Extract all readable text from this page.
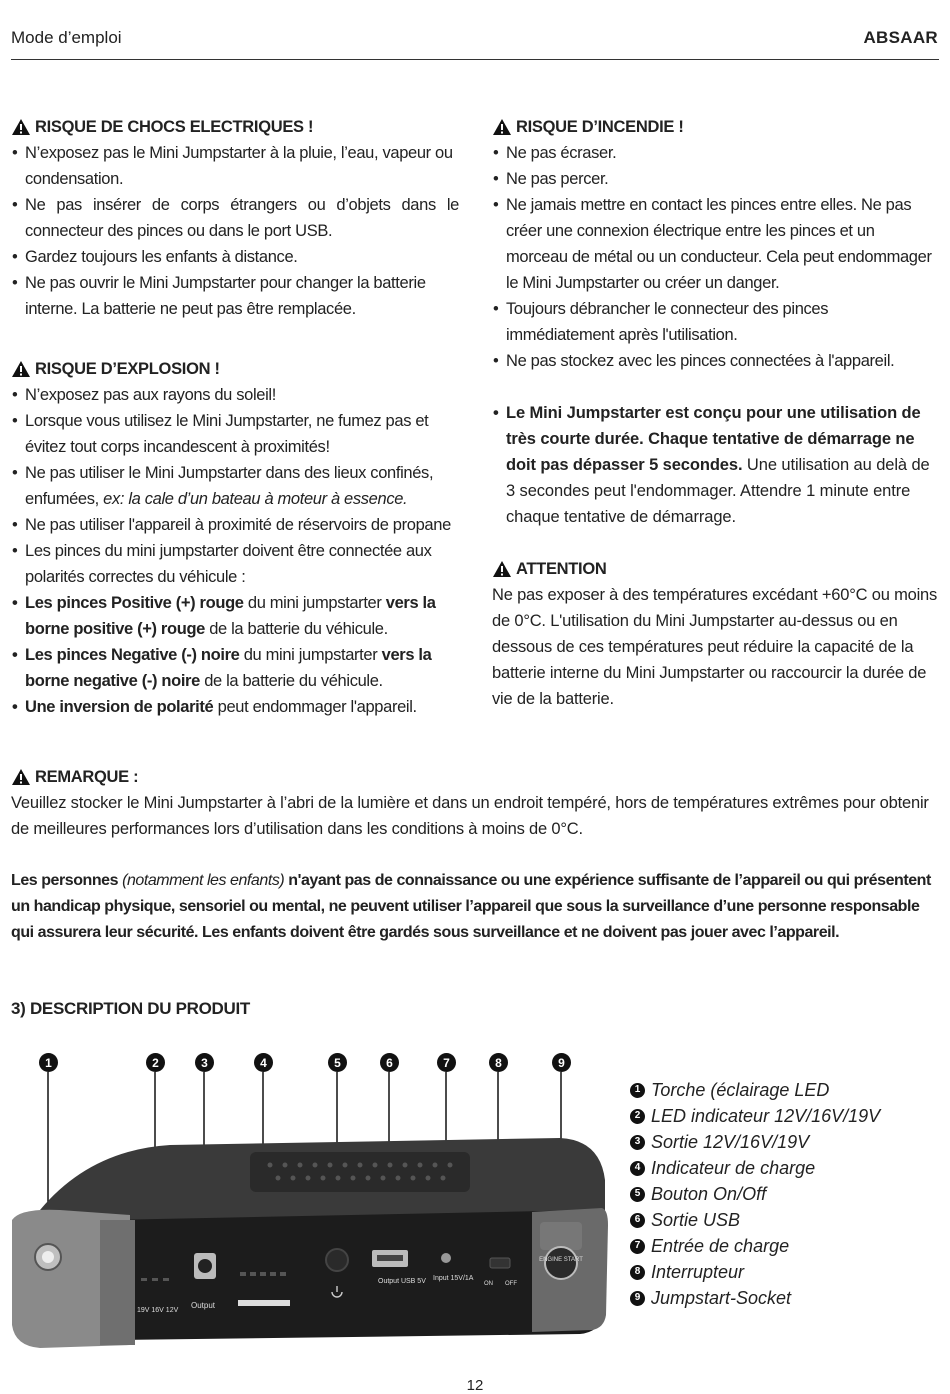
Mode d’emploi	ABSAAR
RISQUE DE CHOCS ELECTRIQUES !
• N’exposez pas le Mini Jumpstarter à la pluie, l’eau, vapeur ou condensation.
• Ne pas insérer de corps étrangers ou d’objets dans le connecteur des pinces ou dans le port USB.
• Gardez toujours les enfants à distance.
• Ne pas ouvrir le Mini Jumpstarter pour changer la batterie interne. La batterie ne peut pas être remplacée.
RISQUE D’EXPLOSION !
• N’exposez pas aux rayons du soleil!
• Lorsque vous utilisez le Mini Jumpstarter, ne fumez pas et évitez tout corps incandescent à proximités!
• Ne pas utiliser le Mini Jumpstarter dans des lieux confinés, enfumées, ex: la cale d’un bateau à moteur à essence.
• Ne pas utiliser l'appareil à proximité de réservoirs de propane
• Les pinces du mini jumpstarter doivent être connectée aux polarités correctes du véhicule :
• Les pinces Positive (+) rouge du mini jumpstarter vers la borne positive (+) rouge de la batterie du véhicule.
• Les pinces Negative (-) noire du mini jumpstarter vers la borne negative (-) noire de la batterie du véhicule.
• Une inversion de polarité peut endommager l'appareil.
RISQUE D’INCENDIE !
• Ne pas écraser.
• Ne pas percer.
• Ne jamais mettre en contact les pinces entre elles. Ne pas créer une connexion électrique entre les pinces et un morceau de métal ou un conducteur. Cela peut endommager le Mini Jumpstarter ou créer un danger.
• Toujours débrancher le connecteur des pinces immédiatement après l'utilisation.
• Ne pas stockez avec les pinces connectées à l'appareil.
• Le Mini Jumpstarter est conçu pour une utilisation de très courte durée. Chaque tentative de démarrage ne doit pas dépasser 5 secondes. Une utilisation au delà de 3 secondes peut l'endommager. Attendre 1 minute entre chaque tentative de démarrage.
ATTENTION
Ne pas exposer à des températures excédant +60°C ou moins de 0°C. L'utilisation du Mini Jumpstarter au-dessus ou en dessous de ces températures peut réduire la capacité de la batterie interne du Mini Jumpstarter ou raccourcir la durée de vie de la batterie.
REMARQUE :
Veuillez stocker le Mini Jumpstarter à l’abri de la lumière et dans un endroit tempéré, hors de températures extrêmes pour obtenir de meilleures performances lors d’utilisation dans les conditions à moins de 0°C.
Les personnes (notamment les enfants) n'ayant pas de connaissance ou une expérience suffisante de l’appareil ou qui présentent un handicap physique, sensoriel ou mental, ne peuvent utiliser l’appareil que sous la surveillance d’une personne responsable qui assurera leur sécurité. Les enfants doivent être gardés sous surveillance et ne doivent pas jouer avec l’appareil.
3) DESCRIPTION DU PRODUIT
1	2	3	4	5	6	7	8	9
19V 16V 12V
Output
Output USB 5V Input 15V/1A
ON OFF
ENGINE START
1 Torche (éclairage LED
2 LED indicateur 12V/16V/19V
3 Sortie 12V/16V/19V
4 Indicateur de charge
5 Bouton On/Off
6 Sortie USB
7 Entrée de charge
8 Interrupteur
9 Jumpstart-Socket
12
